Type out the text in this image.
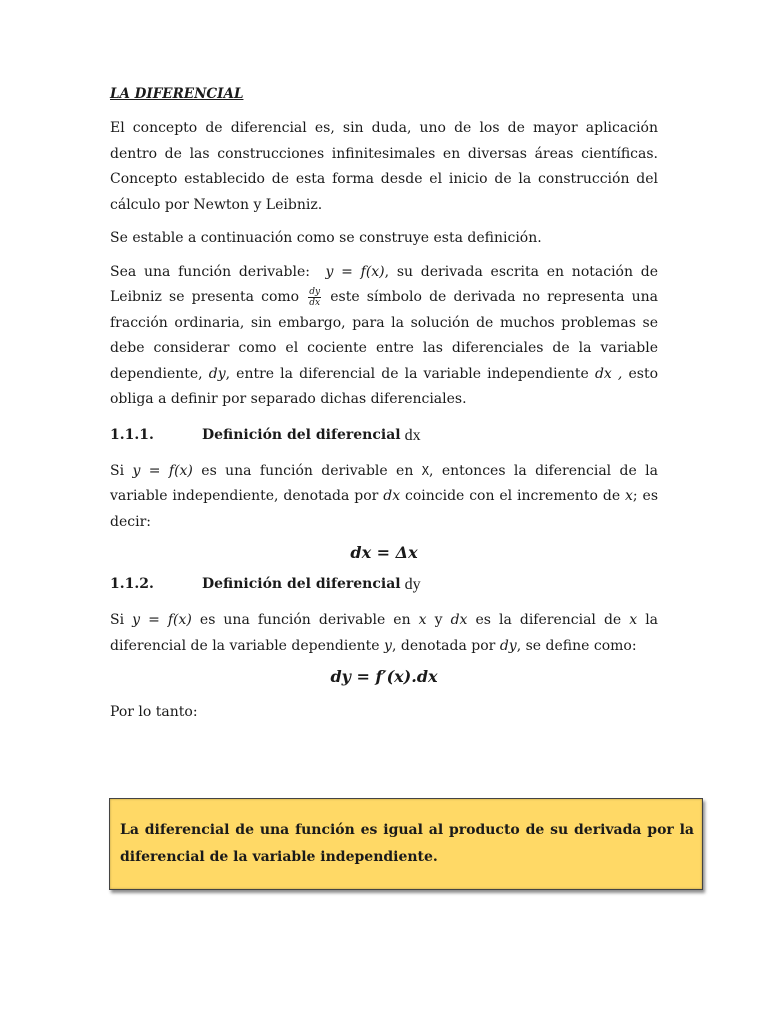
LA DIFERENCIAL

El concepto de diferencial es, sin duda, uno de los de mayor aplicación dentro de las construcciones infinitesimales en diversas áreas científicas. Concepto establecido de esta forma desde el inicio de la construcción del cálculo por Newton y Leibniz.

Se estable a continuación como se construye esta definición.

Sea una función derivable: y = f(x), su derivada escrita en notación de Leibniz se presenta como $\frac{dy}{dx}$ este símbolo de derivada no representa una fracción ordinaria, sin embargo, para la solución de muchos problemas se debe considerar como el cociente entre las diferenciales de la variable dependiente, dy, entre la diferencial de la variable independiente dx , esto obliga a definir por separado dichas diferenciales.

1.1.1.	Definición del diferencial dx

Si y = f(x) es una función derivable en X, entonces la diferencial de la variable independiente, denotada por dx coincide con el incremento de x; es decir:

dx = Δx
1.1.2.	Definición del diferencial dy

Si y = f(x) es una función derivable en x y dx es la diferencial de x la diferencial de la variable dependiente y, denotada por dy, se define como:

dy = f′(x).dx

Por lo tanto:

La diferencial de una función es igual al producto de su derivada por la diferencial de la variable independiente.
